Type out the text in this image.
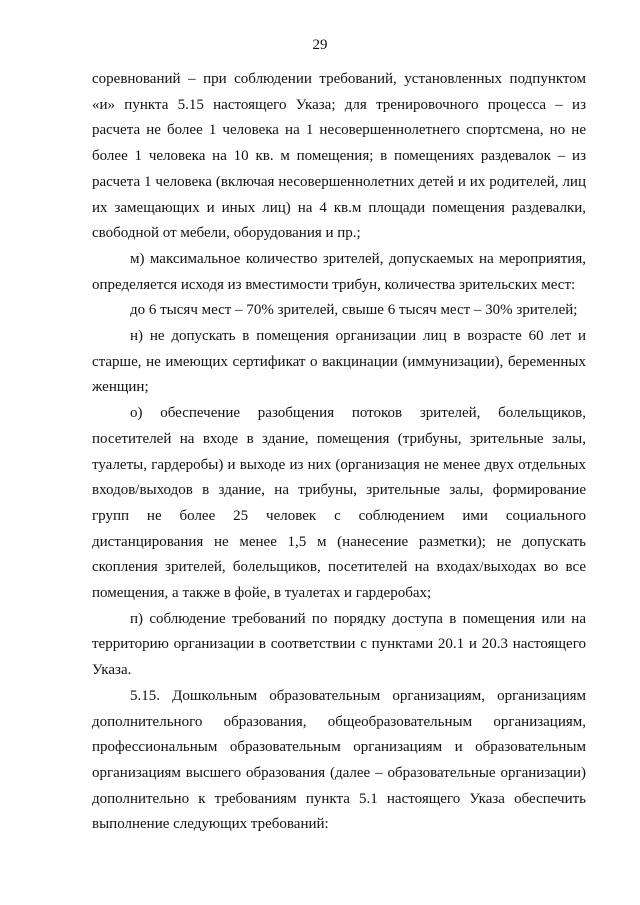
29

соревнований – при соблюдении требований, установленных подпунктом «и» пункта 5.15 настоящего Указа; для тренировочного процесса – из расчета не более 1 человека на 1 несовершеннолетнего спортсмена, но не более 1 человека на 10 кв. м помещения; в помещениях раздевалок – из расчета 1 человека (включая несовершеннолетних детей и их родителей, лиц их замещающих и иных лиц) на 4 кв.м площади помещения раздевалки, свободной от мебели, оборудования и пр.;

м) максимальное количество зрителей, допускаемых на мероприятия, определяется исходя из вместимости трибун, количества зрительских мест:

до 6 тысяч мест – 70% зрителей, свыше 6 тысяч мест – 30% зрителей;

н) не допускать в помещения организации лиц в возрасте 60 лет и старше, не имеющих сертификат о вакцинации (иммунизации), беременных женщин;

о) обеспечение разобщения потоков зрителей, болельщиков, посетителей на входе в здание, помещения (трибуны, зрительные залы, туалеты, гардеробы) и выходе из них (организация не менее двух отдельных входов/выходов в здание, на трибуны, зрительные залы, формирование групп не более 25 человек с соблюдением ими социального дистанцирования не менее 1,5 м (нанесение разметки); не допускать скопления зрителей, болельщиков, посетителей на входах/выходах во все помещения, а также в фойе, в туалетах и гардеробах;

п) соблюдение требований по порядку доступа в помещения или на территорию организации в соответствии с пунктами 20.1 и 20.3 настоящего Указа.

5.15. Дошкольным образовательным организациям, организациям дополнительного образования, общеобразовательным организациям, профессиональным образовательным организациям и образовательным организациям высшего образования (далее – образовательные организации) дополнительно к требованиям пункта 5.1 настоящего Указа обеспечить выполнение следующих требований:
